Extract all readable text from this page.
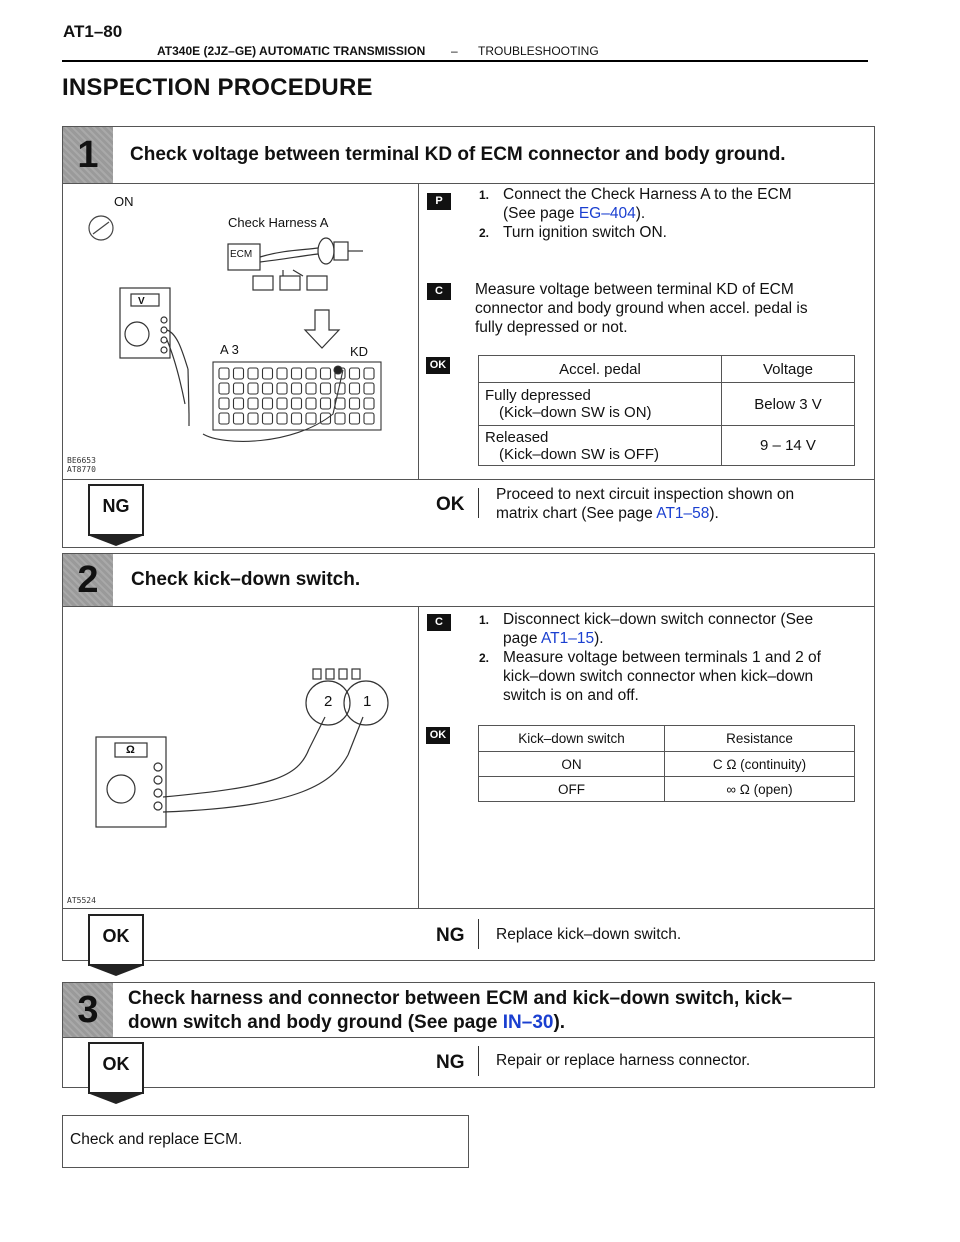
AT1–80
AT340E (2JZ–GE) AUTOMATIC TRANSMISSION – TROUBLESHOOTING
INSPECTION PROCEDURE
1	Check voltage between terminal KD of ECM connector and body ground.
ON
Check Harness A
ECM
V
A 3	KD
BE6653
AT8770
P	1. Connect the Check Harness A to the ECM
(See page EG–404).
2. Turn ignition switch ON.
C	Measure voltage between terminal KD of ECM
connector and body ground when accel. pedal is
fully depressed or not.
OK	Accel. pedal	Voltage

Fully depressed
(Kick–down SW is ON)	Below 3 V

Released
(Kick–down SW is OFF)	9 – 14 V
NG	OK Proceed to next circuit inspection shown on
matrix chart (See page AT1–58).
2	Check kick–down switch.
2 1
Ω
AT5524
C	1. Disconnect kick–down switch connector (See
page AT1–15).
2. Measure voltage between terminals 1 and 2 of
kick–down switch connector when kick–down
switch is on and off.
OK	Kick–down switch	Resistance
ON	C Ω (continuity)
OFF	∞ Ω (open)
OK	NG Replace kick–down switch.
3	Check harness and connector between ECM and kick–down switch, kick–
down switch and body ground (See page IN–30).
OK	NG Repair or replace harness connector.
Check and replace ECM.
